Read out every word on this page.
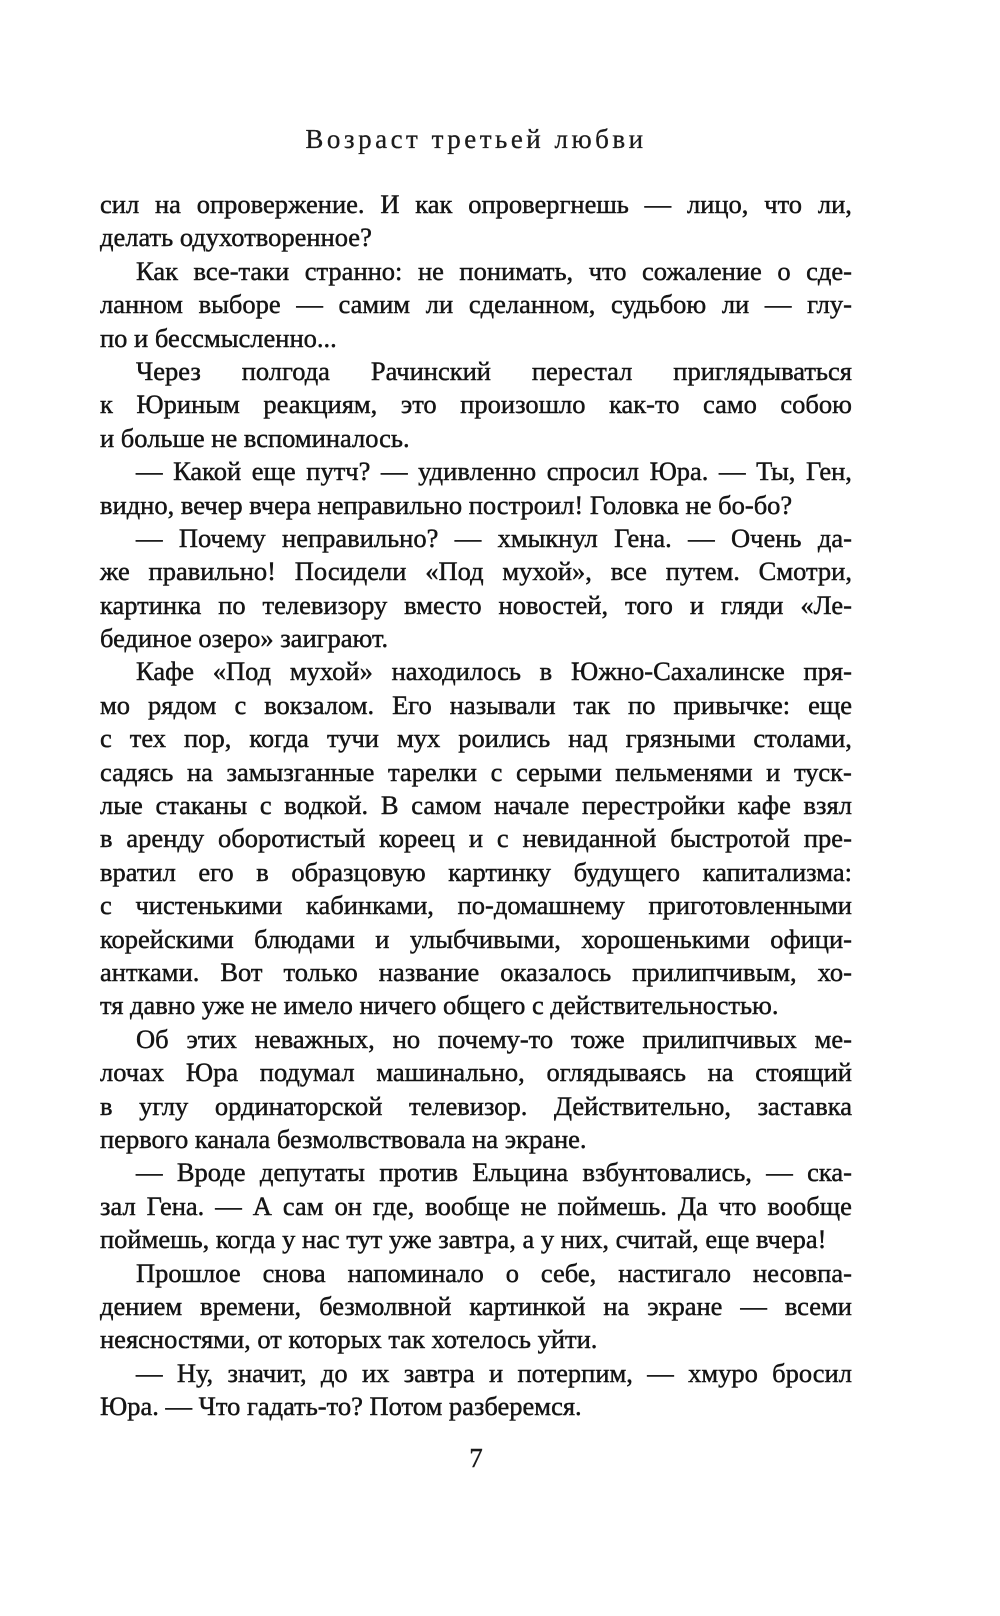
Возраст третьей любви
сил на опровержение. И как опровергнешь — лицо, что ли,
делать одухотворенное?
Как все-таки странно: не понимать, что сожаление о сде-
ланном выборе — самим ли сделанном, судьбою ли — глу-
по и бессмысленно...
Через полгода Рачинский перестал приглядываться
к Юриным реакциям, это произошло как-то само собою
и больше не вспоминалось.
— Какой еще путч? — удивленно спросил Юра. — Ты, Ген,
видно, вечер вчера неправильно построил! Головка не бо-бо?
— Почему неправильно? — хмыкнул Гена. — Очень да-
же правильно! Посидели «Под мухой», все путем. Смотри,
картинка по телевизору вместо новостей, того и гляди «Ле-
бединое озеро» заиграют.
Кафе «Под мухой» находилось в Южно-Сахалинске пря-
мо рядом с вокзалом. Его называли так по привычке: еще
с тех пор, когда тучи мух роились над грязными столами,
садясь на замызганные тарелки с серыми пельменями и туск-
лые стаканы с водкой. В самом начале перестройки кафе взял
в аренду оборотистый кореец и с невиданной быстротой пре-
вратил его в образцовую картинку будущего капитализма:
с чистенькими кабинками, по-домашнему приготовленными
корейскими блюдами и улыбчивыми, хорошенькими офици-
антками. Вот только название оказалось прилипчивым, хо-
тя давно уже не имело ничего общего с действительностью.
Об этих неважных, но почему-то тоже прилипчивых ме-
лочах Юра подумал машинально, оглядываясь на стоящий
в углу ординаторской телевизор. Действительно, заставка
первого канала безмолвствовала на экране.
— Вроде депутаты против Ельцина взбунтовались, — ска-
зал Гена. — А сам он где, вообще не поймешь. Да что вообще
поймешь, когда у нас тут уже завтра, а у них, считай, еще вчера!
Прошлое снова напоминало о себе, настигало несовпа-
дением времени, безмолвной картинкой на экране — всеми
неясностями, от которых так хотелось уйти.
— Ну, значит, до их завтра и потерпим, — хмуро бросил
Юра. — Что гадать-то? Потом разберемся.
7
